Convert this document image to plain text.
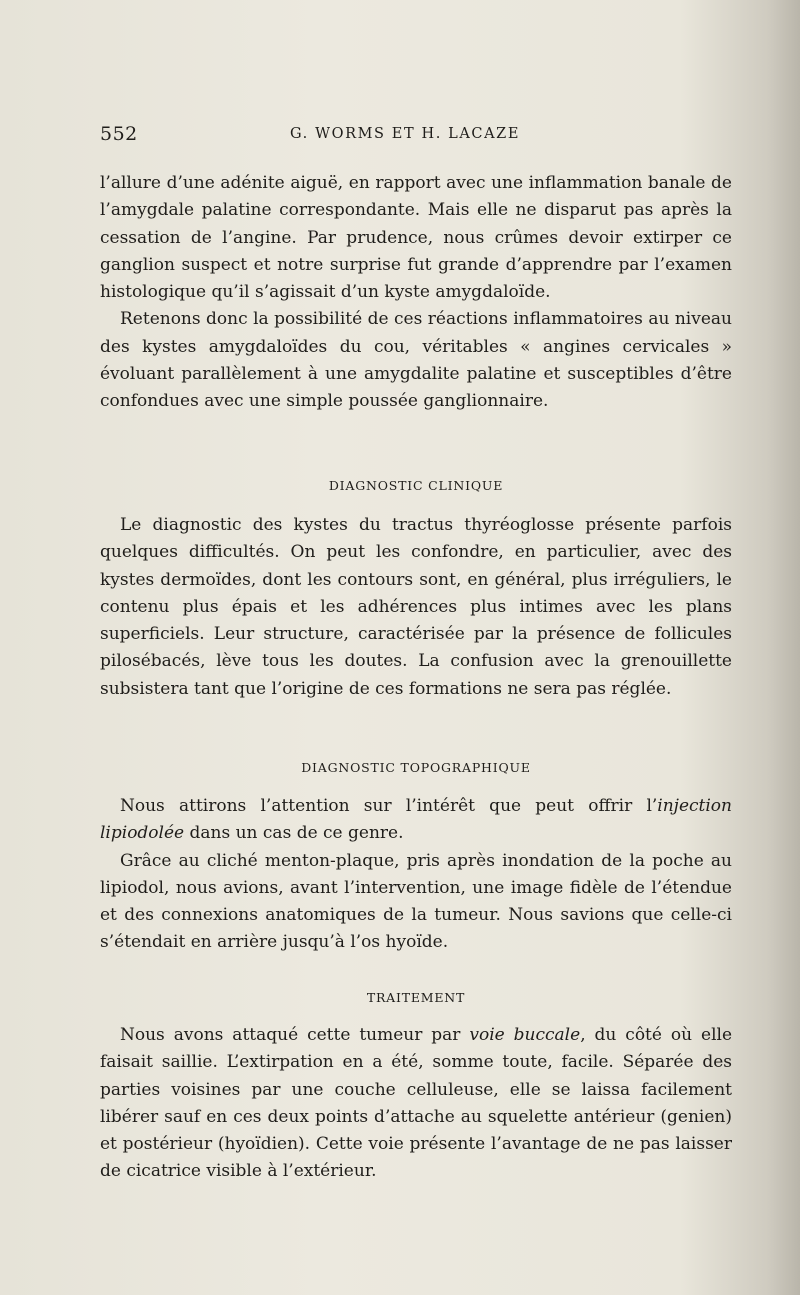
552	G. WORMS ET H. LACAZE

l’allure d’une adénite aiguë, en rapport avec une inflammation banale de l’amygdale palatine correspondante. Mais elle ne disparut pas après la cessation de l’angine. Par prudence, nous crûmes devoir extirper ce ganglion suspect et notre surprise fut grande d’apprendre par l’examen histologique qu’il s’agissait d’un kyste amygdaloïde.

Retenons donc la possibilité de ces réactions inflammatoires au niveau des kystes amygdaloïdes du cou, véritables « angines cervicales » évoluant parallèlement à une amygdalite palatine et susceptibles d’être confondues avec une simple poussée ganglionnaire.

DIAGNOSTIC CLINIQUE

Le diagnostic des kystes du tractus thyréoglosse présente parfois quelques difficultés. On peut les confondre, en particulier, avec des kystes dermoïdes, dont les contours sont, en général, plus irréguliers, le contenu plus épais et les adhérences plus intimes avec les plans superficiels. Leur structure, caractérisée par la présence de follicules pilosébacés, lève tous les doutes. La confusion avec la grenouillette subsistera tant que l’origine de ces formations ne sera pas réglée.

DIAGNOSTIC TOPOGRAPHIQUE

Nous attirons l’attention sur l’intérêt que peut offrir l’injection lipiodolée dans un cas de ce genre.

Grâce au cliché menton-plaque, pris après inondation de la poche au lipiodol, nous avions, avant l’intervention, une image fidèle de l’étendue et des connexions anatomiques de la tumeur. Nous savions que celle-ci s’étendait en arrière jusqu’à l’os hyoïde.

TRAITEMENT

Nous avons attaqué cette tumeur par voie buccale, du côté où elle faisait saillie. L’extirpation en a été, somme toute, facile. Séparée des parties voisines par une couche celluleuse, elle se laissa facilement libérer sauf en ces deux points d’attache au squelette antérieur (genien) et postérieur (hyoïdien). Cette voie présente l’avantage de ne pas laisser de cicatrice visible à l’extérieur.
